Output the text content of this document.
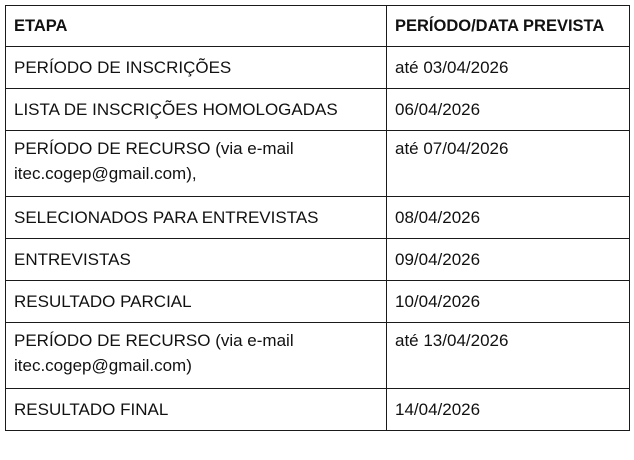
ETAPA	PERÍODO/DATA PREVISTA
PERÍODO DE INSCRIÇÕES	até 03/04/2026
LISTA DE INSCRIÇÕES HOMOLOGADAS	06/04/2026
PERÍODO DE RECURSO (via e-mail
itec.cogep@gmail.com),	até 07/04/2026
SELECIONADOS PARA ENTREVISTAS	08/04/2026
ENTREVISTAS	09/04/2026
RESULTADO PARCIAL	10/04/2026
PERÍODO DE RECURSO (via e-mail
itec.cogep@gmail.com)	até 13/04/2026
RESULTADO FINAL	14/04/2026
